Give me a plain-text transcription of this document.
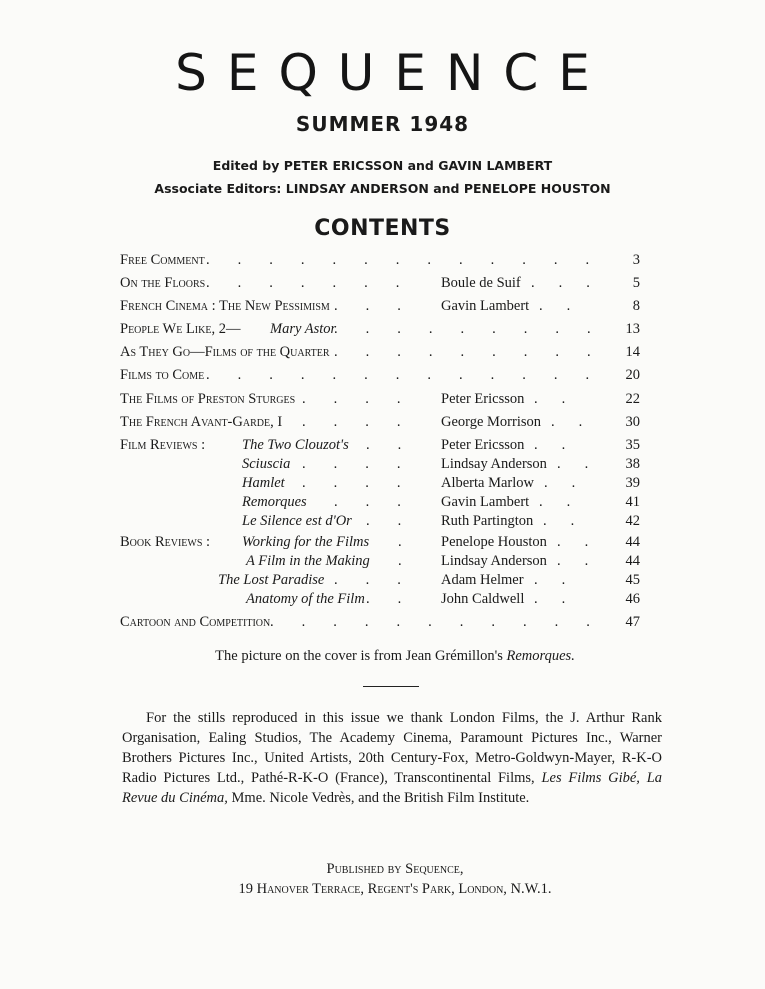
SEQUENCE
SUMMER 1948
Edited by PETER ERICSSON and GAVIN LAMBERT
Associate Editors: LINDSAY ANDERSON and PENELOPE HOUSTON
CONTENTS
Free Comment	3
.............
On the Floors	Boule de Suif	5
.......	...
French Cinema : The New Pessimism	Gavin Lambert	8
...	..
People We Like, 2— Mary Astor	13
.........
As They Go—Films of the Quarter	14
.........
Films to Come	20
.............
The Films of Preston Sturges	Peter Ericsson	22
....	..
The French Avant-Garde, I	George Morrison	30
....	..
Film Reviews :	The Two Clouzot's	Peter Ericsson	35
..	..
Sciuscia	Lindsay Anderson	38
....	..
Hamlet	Alberta Marlow	39
....	..
Remorques	Gavin Lambert	41
...	..
Le Silence est d'Or	Ruth Partington	42
..	..
Book Reviews : Working for the Films	Penelope Houston	44
.	..
A Film in the Making	Lindsay Anderson	44
.	..
The Lost Paradise	Adam Helmer	45
...	..
Anatomy of the Film	John Caldwell	46
..	..
Cartoon and Competition	47
...........
The picture on the cover is from Jean Grémillon's Remorques.
For the stills reproduced in this issue we thank London Films, the J. Arthur Rank Organisation, Ealing Studios, The Academy Cinema, Paramount Pictures Inc., Warner Brothers Pictures Inc., United Artists, 20th Century-Fox, Metro-Goldwyn-Mayer, R-K-O Radio Pictures Ltd., Pathé-R-K-O (France), Transcontinental Films, Les Films Gibé, La Revue du Cinéma, Mme. Nicole Vedrès, and the British Film Institute.
Published by Sequence,
19 Hanover Terrace, Regent's Park, London, N.W.1.
